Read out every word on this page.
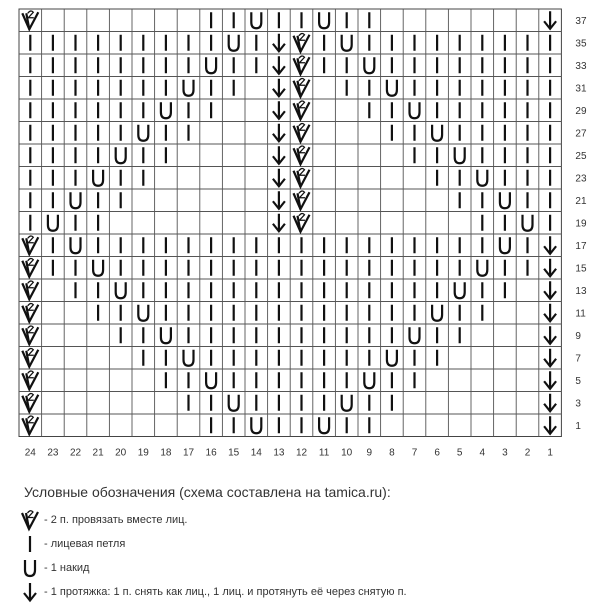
37
35
33
31
29
27
25
23
21
19
17
15
13
11
9
7
5
3
1
24 23 22 21 20 19 18 17 16 15 14 13 12 11 10 9 8 7 6 5 4 3 2 1
Условные обозначения (схема составлена на tamica.ru):
- 2 п. провязать вместе лиц.
- лицевая петля
- 1 накид
- 1 протяжка: 1 п. снять как лиц., 1 лиц. и протянуть её через снятую п.
